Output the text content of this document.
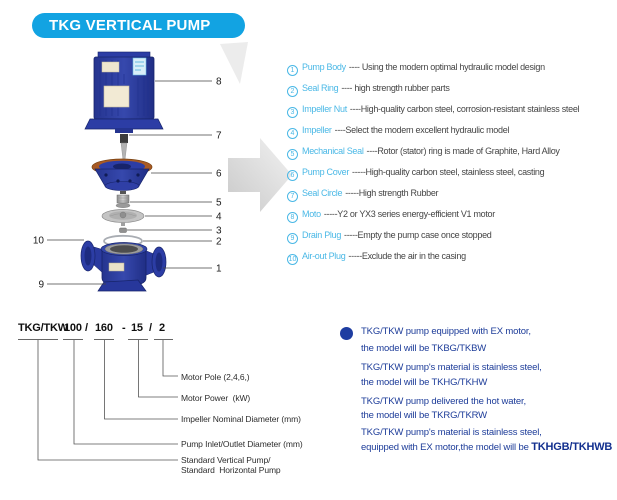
TKG VERTICAL PUMP
8
7
6
5
4
3
2
10
1
9
1 Pump Body ---- Using the modern optimal hydraulic model design
2 Seal Ring ---- high strength rubber parts
3 Impeller Nut ----High-quality carbon steel, corrosion-resistant stainless steel
4 Impeller ----Select the modern excellent hydraulic model
5 Mechanical Seal ----Rotor (stator) ring is made of Graphite, Hard Alloy
6 Pump Cover -----High-quality carbon steel, stainless steel, casting
7 Seal Circle -----High strength Rubber
8 Moto -----Y2 or YX3 series energy-efficient V1 motor
9 Drain Plug -----Empty the pump case once stopped
10 Air-out Plug -----Exclude the air in the casing
TKG/TKW
100 / 160 - 15 / 2
Motor Pole (2,4,6,)
Motor Power  (kW)
Impeller Nominal Diameter (mm)
Pump Inlet/Outlet Diameter (mm)
Standard Vertical Pump/
Standard  Horizontal Pump
TKG/TKW pump equipped with EX motor,
the model will be TKBG/TKBW
TKG/TKW pump's material is stainless steel,
the model will be TKHG/TKHW
TKG/TKW pump delivered the hot water,
the model will be TKRG/TKRW
TKG/TKW pump's material is stainless steel,
equipped with EX motor,the model will be TKHGB/TKHWB
